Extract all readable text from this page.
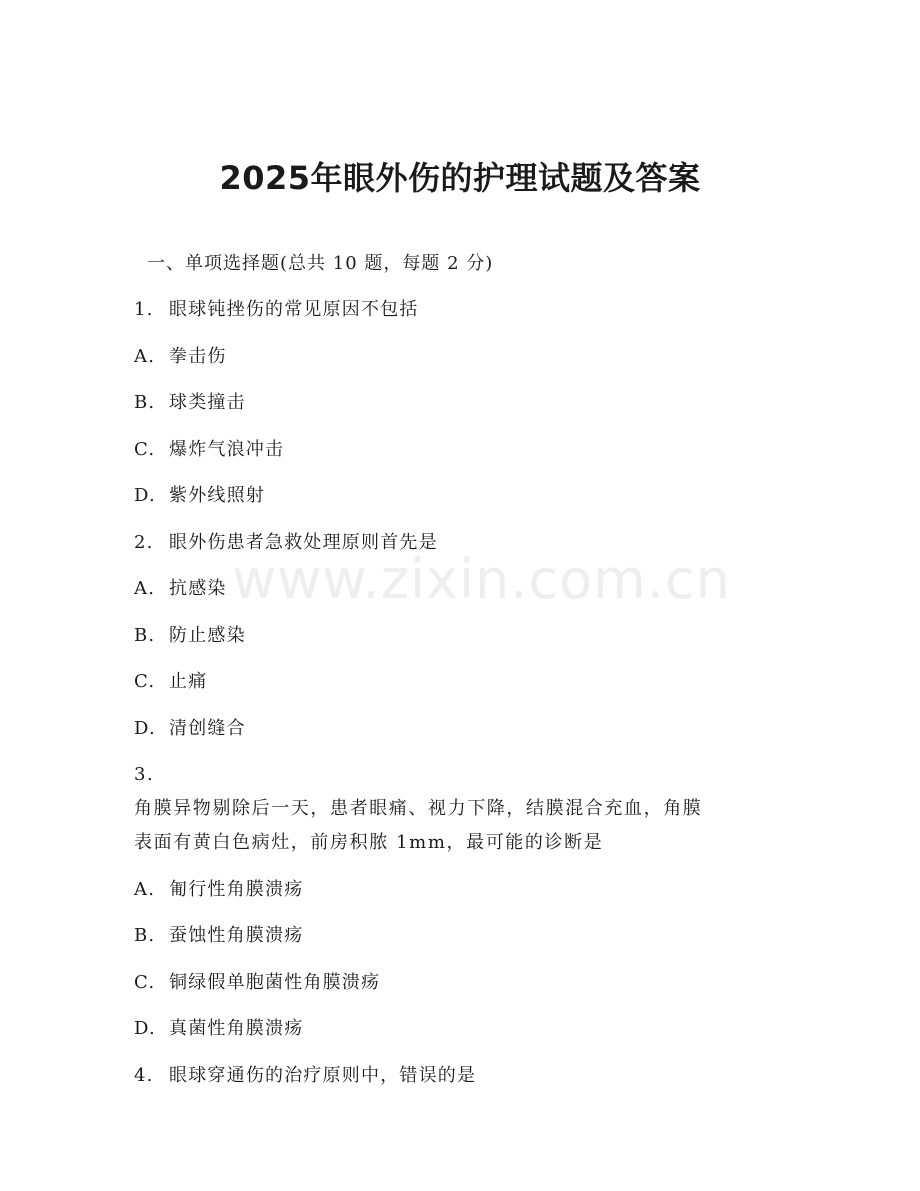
2025年眼外伤的护理试题及答案
一、单项选择题(总共 10 题，每题 2 分)
1. 眼球钝挫伤的常见原因不包括
A. 拳击伤
B. 球类撞击
C. 爆炸气浪冲击
D. 紫外线照射
2. 眼外伤患者急救处理原则首先是
A. 抗感染
B. 防止感染
C. 止痛
D. 清创缝合
3.
角膜异物剔除后一天，患者眼痛、视力下降，结膜混合充血，角膜
表面有黄白色病灶，前房积脓 1mm，最可能的诊断是
A. 匍行性角膜溃疡
B. 蚕蚀性角膜溃疡
C. 铜绿假单胞菌性角膜溃疡
D. 真菌性角膜溃疡
4. 眼球穿通伤的治疗原则中，错误的是
www.zixin.com.cn
